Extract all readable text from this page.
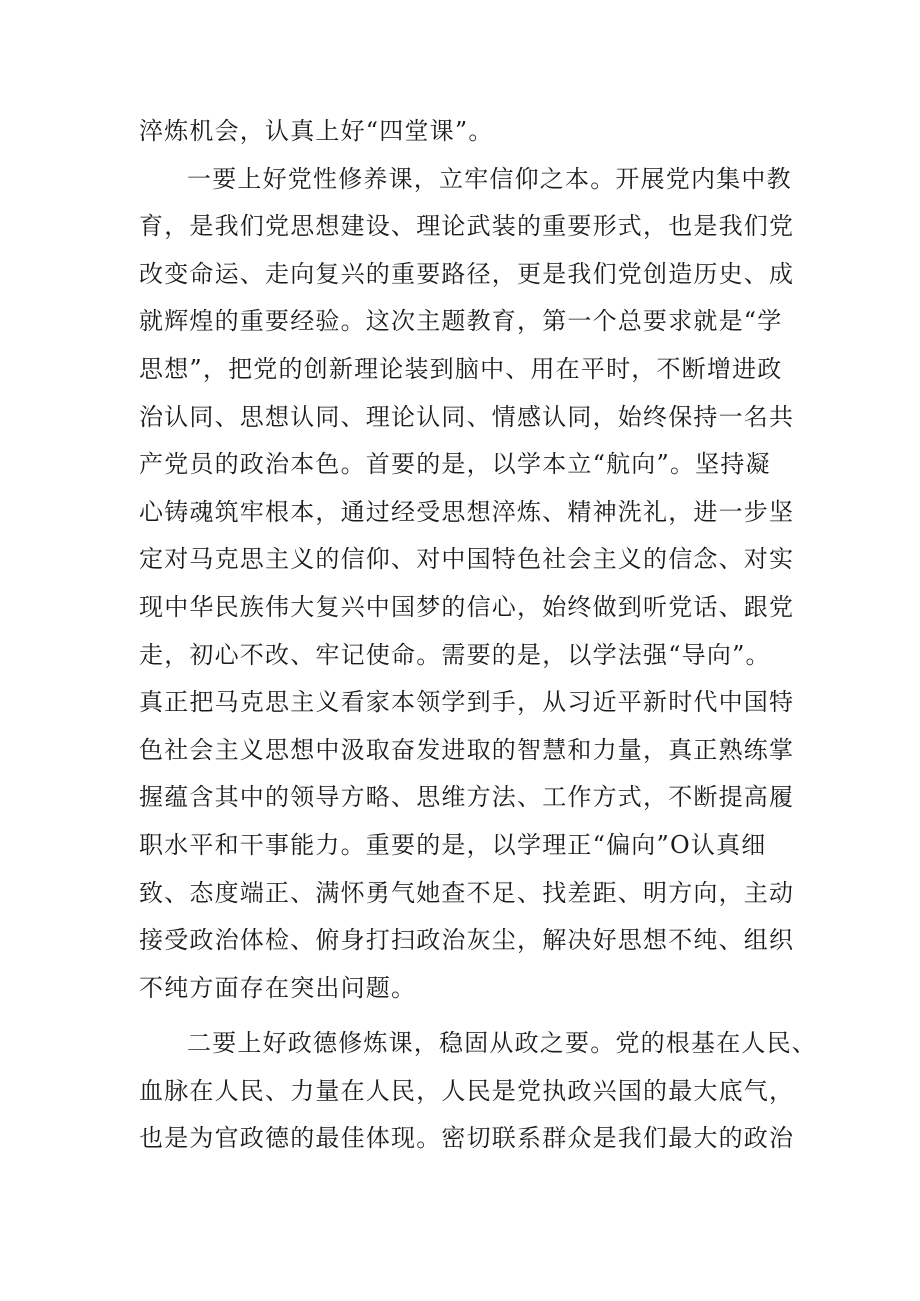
淬炼机会，认真上好“四堂课”。
一要上好党性修养课，立牢信仰之本。开展党内集中教
育，是我们党思想建设、理论武装的重要形式，也是我们党
改变命运、走向复兴的重要路径，更是我们党创造历史、成
就辉煌的重要经验。这次主题教育，第一个总要求就是“学
思想”，把党的创新理论装到脑中、用在平时，不断增进政
治认同、思想认同、理论认同、情感认同，始终保持一名共
产党员的政治本色。首要的是，以学本立“航向”。坚持凝
心铸魂筑牢根本，通过经受思想淬炼、精神洗礼，进一步坚
定对马克思主义的信仰、对中国特色社会主义的信念、对实
现中华民族伟大复兴中国梦的信心，始终做到听党话、跟党
走，初心不改、牢记使命。需要的是，以学法强“导向”。
真正把马克思主义看家本领学到手，从习近平新时代中国特
色社会主义思想中汲取奋发进取的智慧和力量，真正熟练掌
握蕴含其中的领导方略、思维方法、工作方式，不断提高履
职水平和干事能力。重要的是，以学理正“偏向”O认真细
致、态度端正、满怀勇气她查不足、找差距、明方向，主动
接受政治体检、俯身打扫政治灰尘，解决好思想不纯、组织
不纯方面存在突出问题。
二要上好政德修炼课，稳固从政之要。党的根基在人民、
血脉在人民、力量在人民，人民是党执政兴国的最大底气，
也是为官政德的最佳体现。密切联系群众是我们最大的政治
